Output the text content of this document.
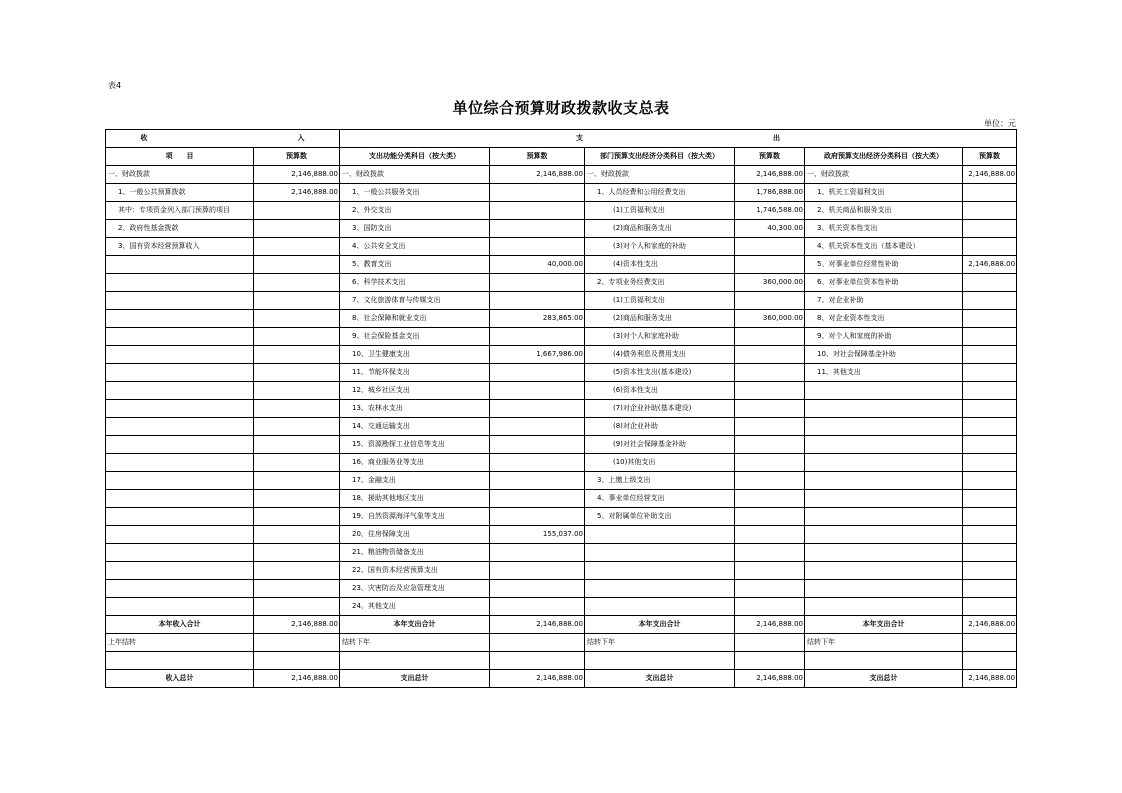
表4
单位综合预算财政拨款收支总表
单位：元
收 入		支 出					
项　　目	预算数	支出功能分类科目（按大类）	预算数	部门预算支出经济分类科目（按大类）	预算数	政府预算支出经济分类科目（按大类）	预算数
一、财政拨款	2,146,888.00	一、财政拨款	2,146,888.00	一、财政拨款	2,146,888.00	一、财政拨款	2,146,888.00
1、一般公共预算拨款	2,146,888.00	1、一般公共服务支出		1、人员经费和公用经费支出	1,786,888.00	1、机关工资福利支出	
其中：专项资金列入部门预算的项目		2、外交支出		(1)工资福利支出	1,746,588.00	2、机关商品和服务支出	
2、政府性基金拨款		3、国防支出		(2)商品和服务支出	40,300.00	3、机关资本性支出	
3、国有资本经营预算收入		4、公共安全支出		(3)对个人和家庭的补助		4、机关资本性支出（基本建设）	
		5、教育支出	40,000.00	(4)资本性支出		5、对事业单位经常性补助	2,146,888.00
		6、科学技术支出		2、专项业务经费支出	360,000.00	6、对事业单位资本性补助	
		7、文化旅游体育与传媒支出		(1)工资福利支出		7、对企业补助	
		8、社会保障和就业支出	283,865.00	(2)商品和服务支出	360,000.00	8、对企业资本性支出	
		9、社会保险基金支出		(3)对个人和家庭补助		9、对个人和家庭的补助	
		10、卫生健康支出	1,667,986.00	(4)债务利息及费用支出		10、对社会保障基金补助	
		11、节能环保支出		(5)资本性支出(基本建设)		11、其他支出	
		12、城乡社区支出		(6)资本性支出			
		13、农林水支出		(7)对企业补助(基本建设)			
		14、交通运输支出		(8)对企业补助			
		15、资源勘探工业信息等支出		(9)对社会保障基金补助			
		16、商业服务业等支出		(10)其他支出			
		17、金融支出		3、上缴上级支出			
		18、援助其他地区支出		4、事业单位经营支出			
		19、自然资源海洋气象等支出		5、对附属单位补助支出			
		20、住房保障支出	155,037.00				
		21、粮油物资储备支出					
		22、国有资本经营预算支出					
		23、灾害防治及应急管理支出					
		24、其他支出					
本年收入合计	2,146,888.00	本年支出合计	2,146,888.00	本年支出合计	2,146,888.00	本年支出合计	2,146,888.00
上年结转		结转下年		结转下年		结转下年	

收入总计	2,146,888.00	支出总计	2,146,888.00	支出总计	2,146,888.00	支出总计	2,146,888.00
